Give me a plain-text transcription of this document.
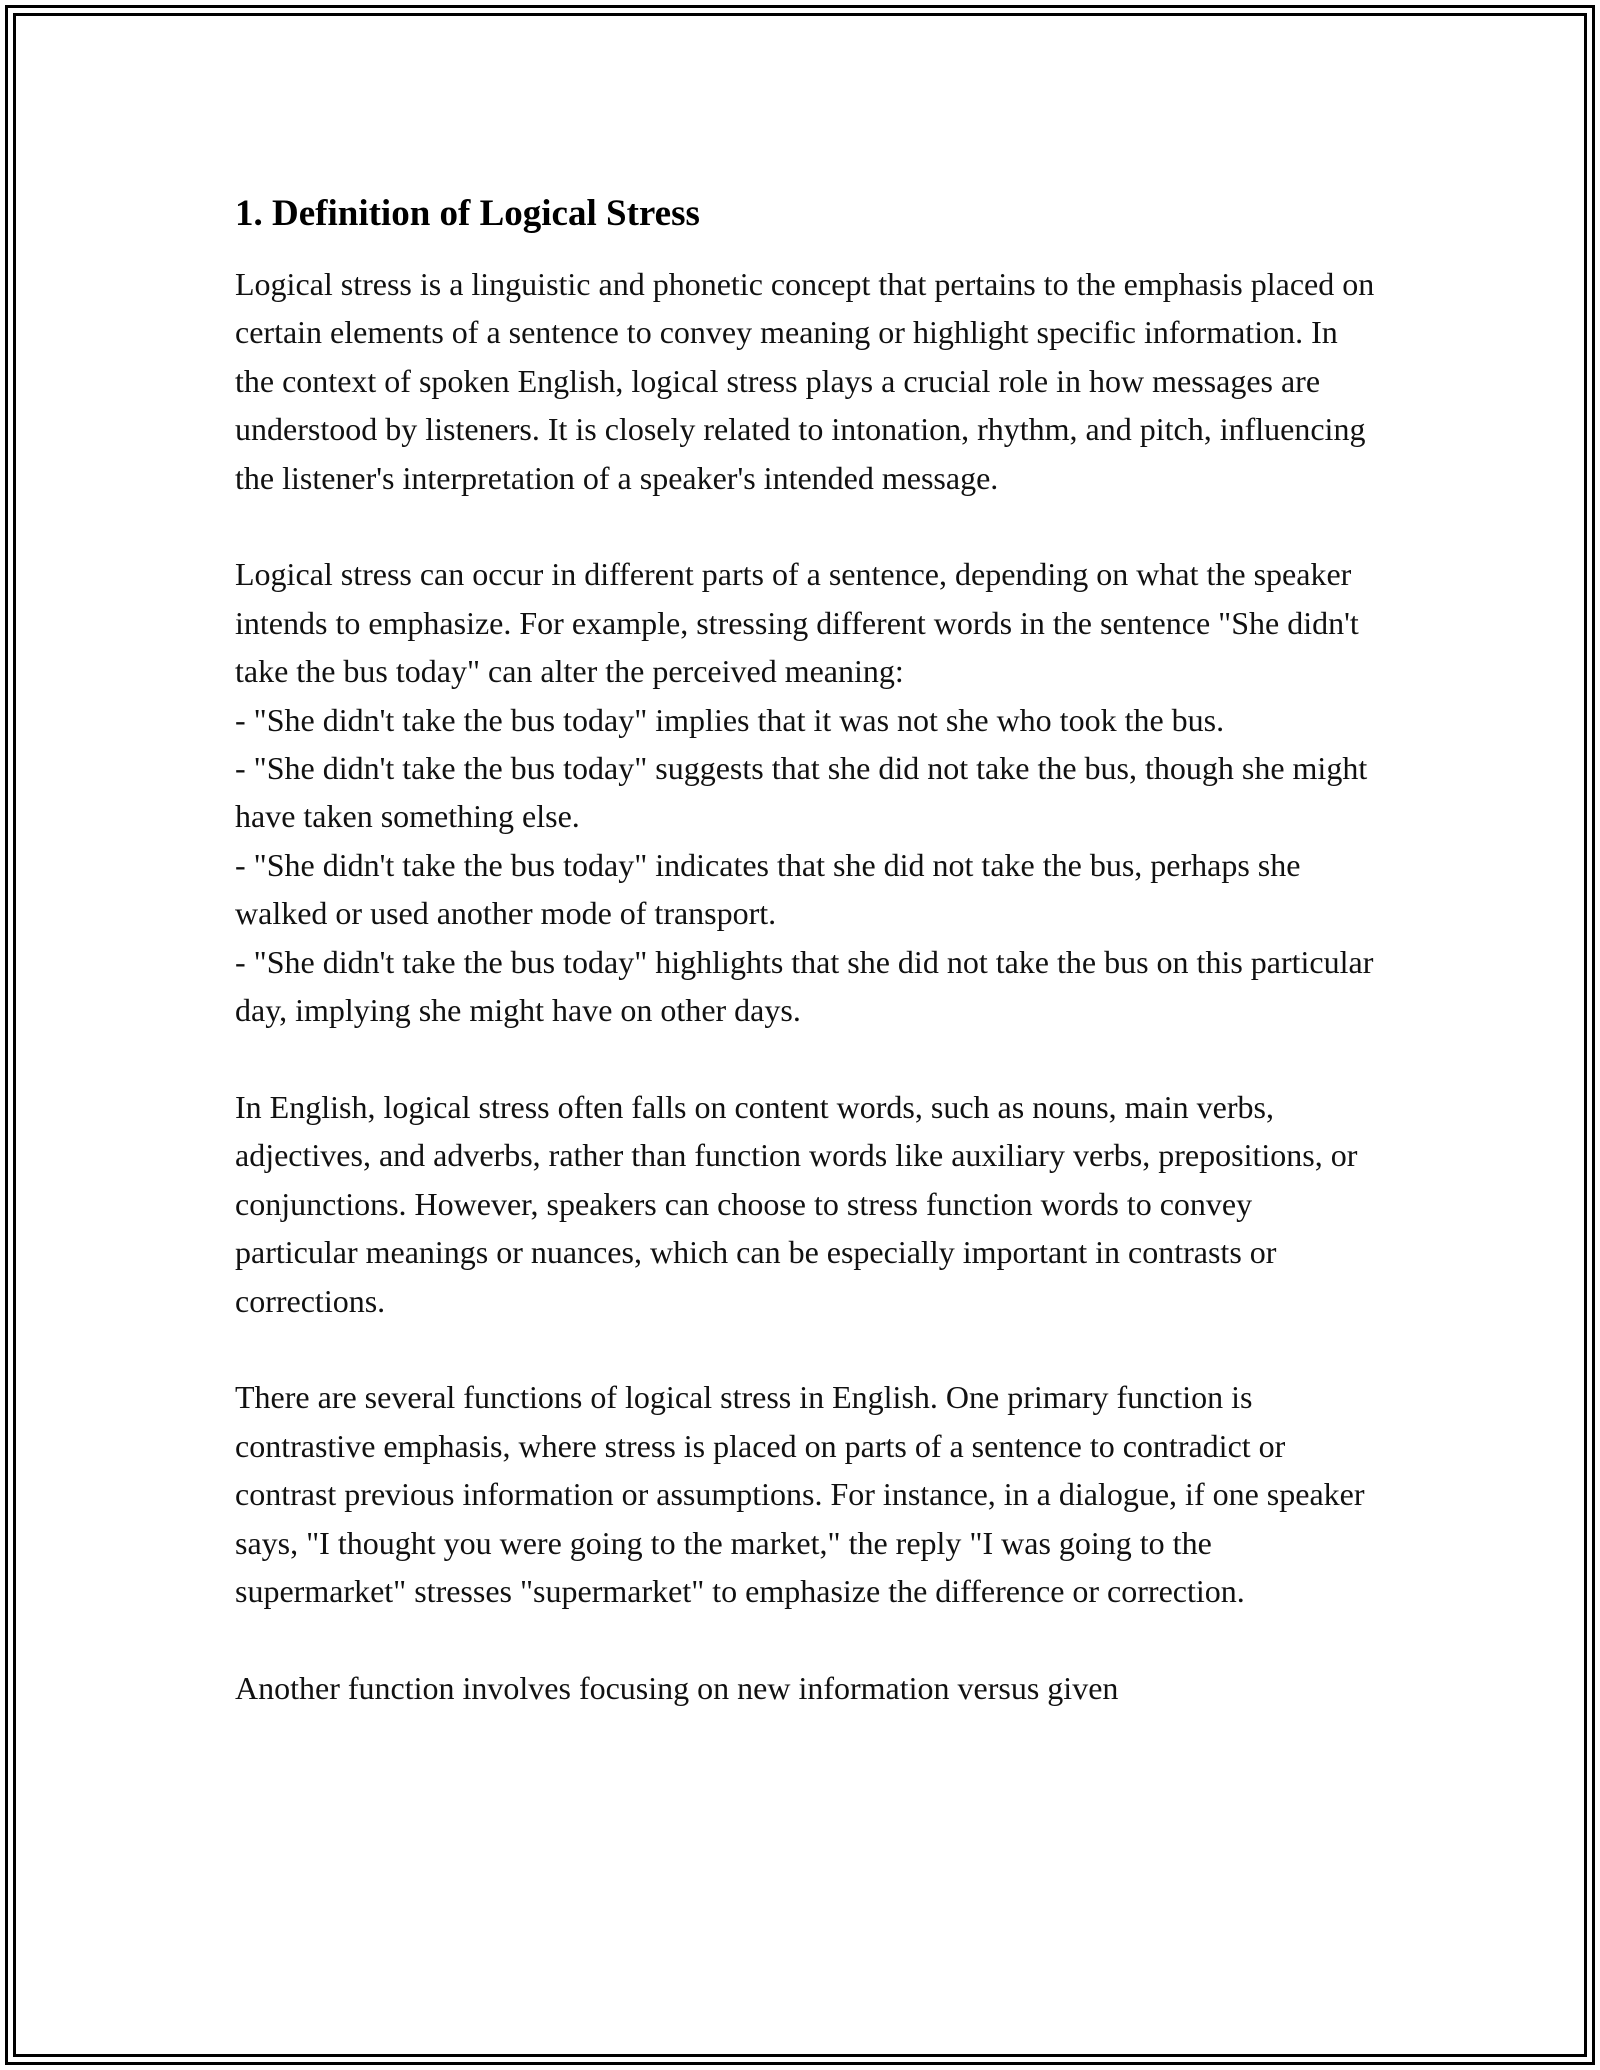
1. Definition of Logical Stress

Logical stress is a linguistic and phonetic concept that pertains to the emphasis placed on certain elements of a sentence to convey meaning or highlight specific information. In the context of spoken English, logical stress plays a crucial role in how messages are understood by listeners. It is closely related to intonation, rhythm, and pitch, influencing the listener's interpretation of a speaker's intended message.

Logical stress can occur in different parts of a sentence, depending on what the speaker intends to emphasize. For example, stressing different words in the sentence "She didn't take the bus today" can alter the perceived meaning:
- "She didn't take the bus today" implies that it was not she who took the bus.
- "She didn't take the bus today" suggests that she did not take the bus, though she might have taken something else.
- "She didn't take the bus today" indicates that she did not take the bus, perhaps she walked or used another mode of transport.
- "She didn't take the bus today" highlights that she did not take the bus on this particular day, implying she might have on other days.

In English, logical stress often falls on content words, such as nouns, main verbs, adjectives, and adverbs, rather than function words like auxiliary verbs, prepositions, or conjunctions. However, speakers can choose to stress function words to convey particular meanings or nuances, which can be especially important in contrasts or corrections.

There are several functions of logical stress in English. One primary function is contrastive emphasis, where stress is placed on parts of a sentence to contradict or contrast previous information or assumptions. For instance, in a dialogue, if one speaker says, "I thought you were going to the market," the reply "I was going to the supermarket" stresses "supermarket" to emphasize the difference or correction.

Another function involves focusing on new information versus given
